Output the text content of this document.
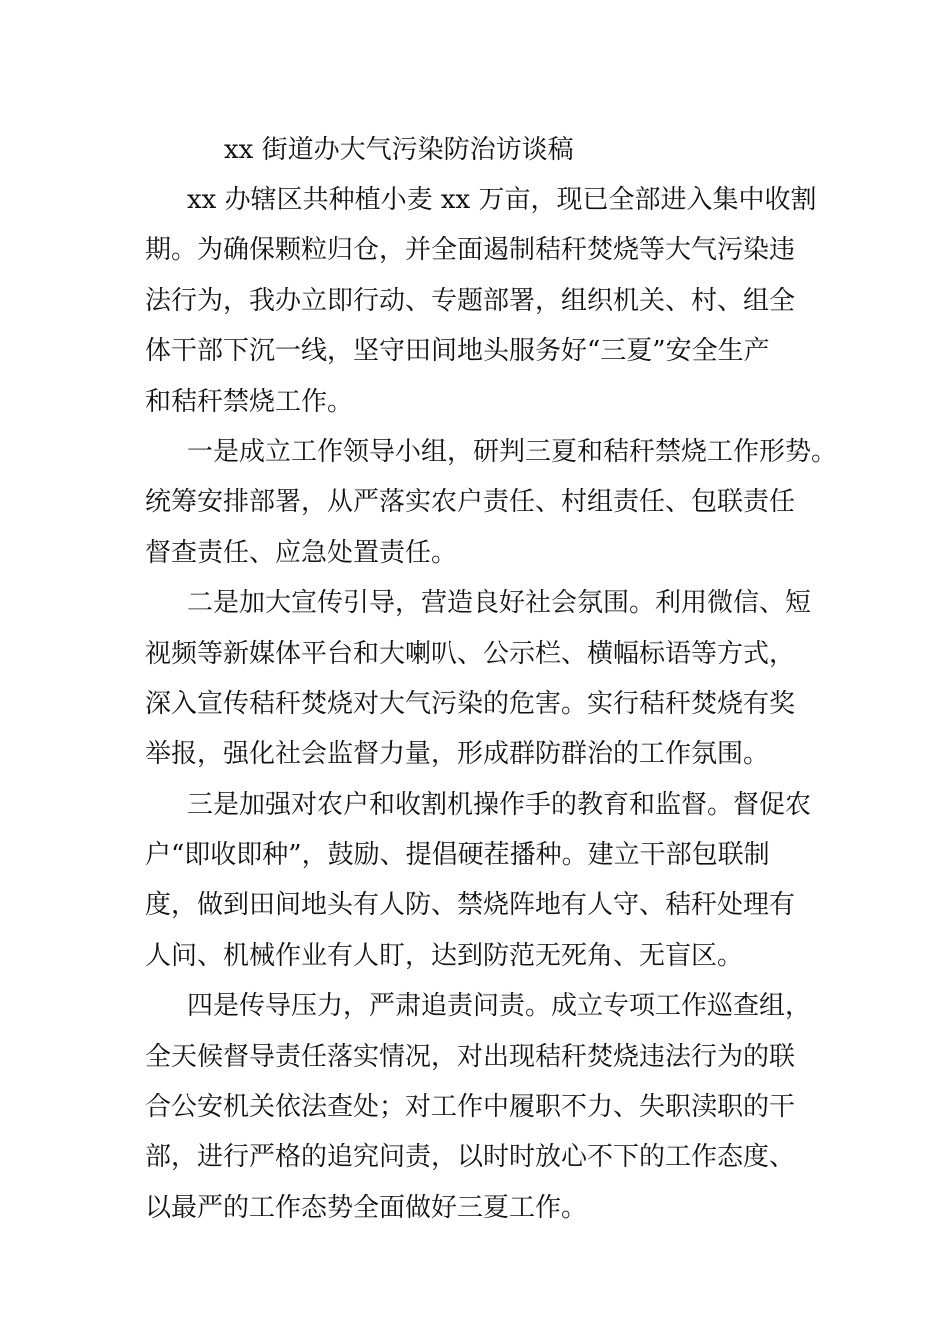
xx 街道办大气污染防治访谈稿
xx 办辖区共种植小麦 xx 万亩，现已全部进入集中收割
期。为确保颗粒归仓，并全面遏制秸秆焚烧等大气污染违
法行为，我办立即行动、专题部署，组织机关、村、组全
体干部下沉一线，坚守田间地头服务好“三夏”安全生产
和秸秆禁烧工作。
一是成立工作领导小组，研判三夏和秸秆禁烧工作形势。
统筹安排部署，从严落实农户责任、村组责任、包联责任
督查责任、应急处置责任。
二是加大宣传引导，营造良好社会氛围。利用微信、短
视频等新媒体平台和大喇叭、公示栏、横幅标语等方式，
深入宣传秸秆焚烧对大气污染的危害。实行秸秆焚烧有奖
举报，强化社会监督力量，形成群防群治的工作氛围。
三是加强对农户和收割机操作手的教育和监督。督促农
户“即收即种”，鼓励、提倡硬茬播种。建立干部包联制
度，做到田间地头有人防、禁烧阵地有人守、秸秆处理有
人问、机械作业有人盯，达到防范无死角、无盲区。
四是传导压力，严肃追责问责。成立专项工作巡查组，
全天候督导责任落实情况，对出现秸秆焚烧违法行为的联
合公安机关依法查处；对工作中履职不力、失职渎职的干
部，进行严格的追究问责，以时时放心不下的工作态度、
以最严的工作态势全面做好三夏工作。
